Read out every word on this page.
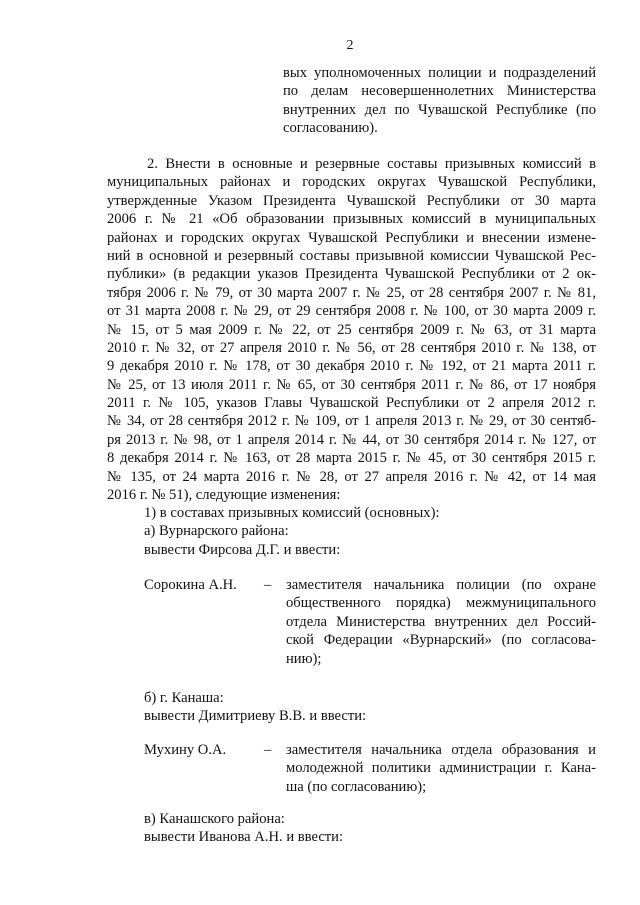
2
вых уполномоченных полиции и подразделений
по делам несовершеннолетних Министерства
внутренних дел по Чувашской Республике (по
согласованию).
2. Внести в основные и резервные составы призывных комиссий в
муниципальных районах и городских округах Чувашской Республики,
утвержденные Указом Президента Чувашской Республики от 30 марта
2006 г. № 21 «Об образовании призывных комиссий в муниципальных
районах и городских округах Чувашской Республики и внесении измене-
ний в основной и резервный составы призывной комиссии Чувашской Рес-
публики» (в редакции указов Президента Чувашской Республики от 2 ок-
тября 2006 г. № 79, от 30 марта 2007 г. № 25, от 28 сентября 2007 г. № 81,
от 31 марта 2008 г. № 29, от 29 сентября 2008 г. № 100, от 30 марта 2009 г.
№ 15, от 5 мая 2009 г. № 22, от 25 сентября 2009 г. № 63, от 31 марта
2010 г. № 32, от 27 апреля 2010 г. № 56, от 28 сентября 2010 г. № 138, от
9 декабря 2010 г. № 178, от 30 декабря 2010 г. № 192, от 21 марта 2011 г.
№ 25, от 13 июля 2011 г. № 65, от 30 сентября 2011 г. № 86, от 17 ноября
2011 г. № 105, указов Главы Чувашской Республики от 2 апреля 2012 г.
№ 34, от 28 сентября 2012 г. № 109, от 1 апреля 2013 г. № 29, от 30 сентяб-
ря 2013 г. № 98, от 1 апреля 2014 г. № 44, от 30 сентября 2014 г. № 127, от
8 декабря 2014 г. № 163, от 28 марта 2015 г. № 45, от 30 сентября 2015 г.
№ 135, от 24 марта 2016 г. № 28, от 27 апреля 2016 г. № 42, от 14 мая
2016 г. № 51), следующие изменения:
1) в составах призывных комиссий (основных):
а) Вурнарского района:
вывести Фирсова Д.Г. и ввести:
Сорокина А.Н. – заместителя начальника полиции (по охране
общественного порядка) межмуниципального
отдела Министерства внутренних дел Россий-
ской Федерации «Вурнарский» (по согласова-
нию);
б) г. Канаша:
вывести Димитриеву В.В. и ввести:
Мухину О.А.	– заместителя начальника отдела образования и
молодежной политики администрации г. Кана-
ша (по согласованию);
в) Канашского района:
вывести Иванова А.Н. и ввести:
